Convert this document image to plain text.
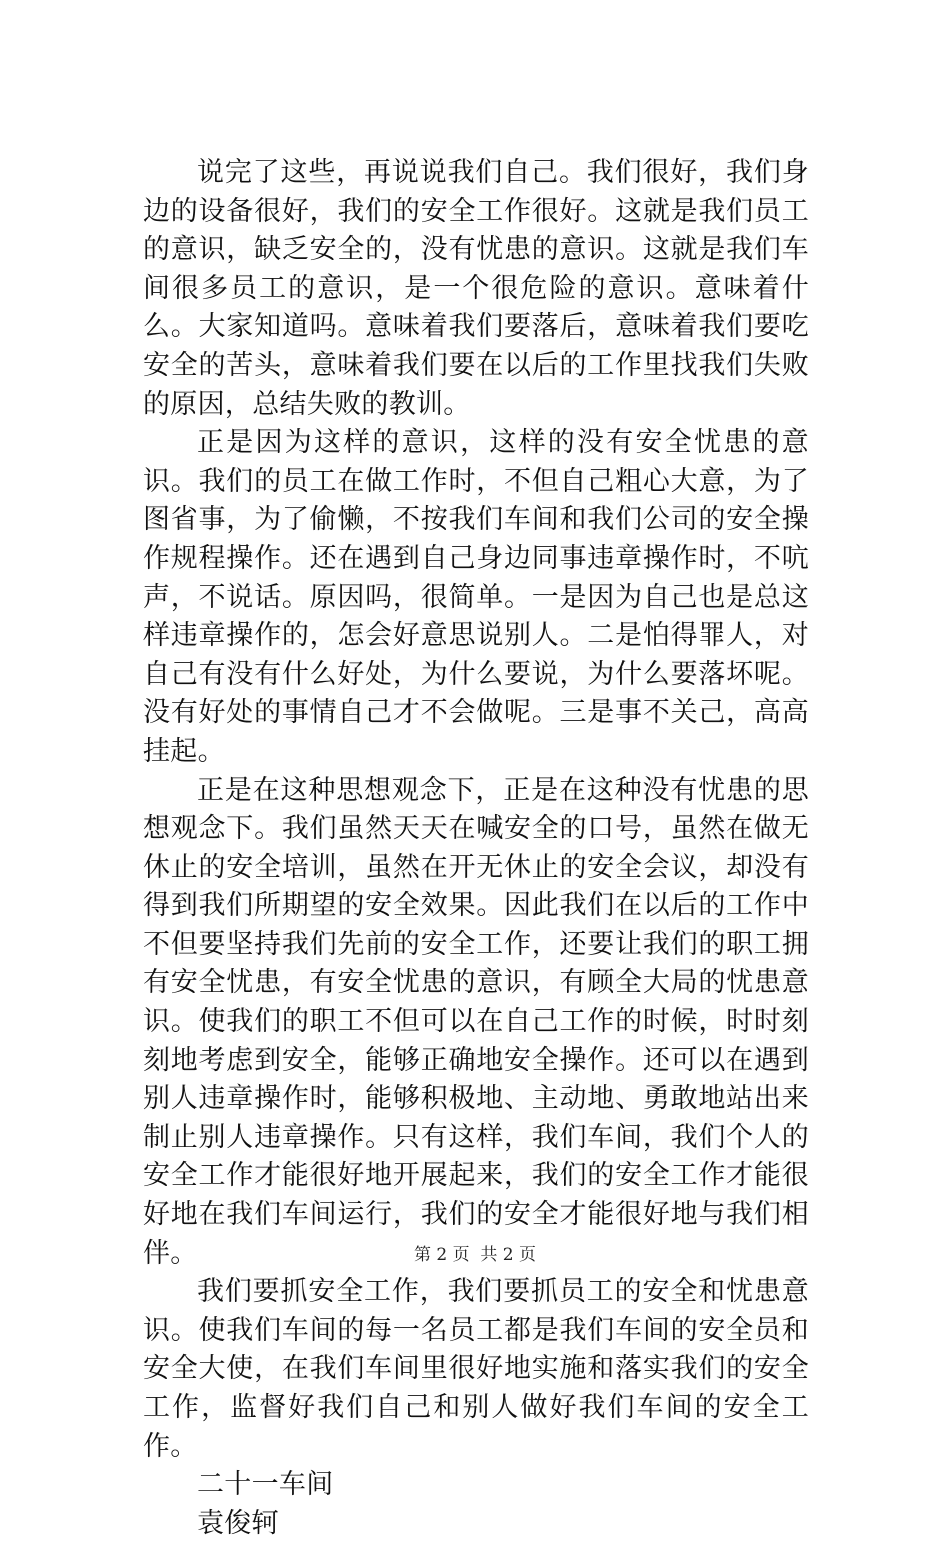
说完了这些，再说说我们自己。我们很好，我们身边的设备很好，我们的安全工作很好。这就是我们员工的意识，缺乏安全的，没有忧患的意识。这就是我们车间很多员工的意识，是一个很危险的意识。意味着什么。大家知道吗。意味着我们要落后，意味着我们要吃安全的苦头，意味着我们要在以后的工作里找我们失败的原因，总结失败的教训。

正是因为这样的意识，这样的没有安全忧患的意识。我们的员工在做工作时，不但自己粗心大意，为了图省事，为了偷懒，不按我们车间和我们公司的安全操作规程操作。还在遇到自己身边同事违章操作时，不吭声，不说话。原因吗，很简单。一是因为自己也是总这样违章操作的，怎会好意思说别人。二是怕得罪人，对自己有没有什么好处，为什么要说，为什么要落坏呢。没有好处的事情自己才不会做呢。三是事不关己，高高挂起。

正是在这种思想观念下，正是在这种没有忧患的思想观念下。我们虽然天天在喊安全的口号，虽然在做无休止的安全培训，虽然在开无休止的安全会议，却没有得到我们所期望的安全效果。因此我们在以后的工作中不但要坚持我们先前的安全工作，还要让我们的职工拥有安全忧患，有安全忧患的意识，有顾全大局的忧患意识。使我们的职工不但可以在自己工作的时候，时时刻刻地考虑到安全，能够正确地安全操作。还可以在遇到别人违章操作时，能够积极地、主动地、勇敢地站出来制止别人违章操作。只有这样，我们车间，我们个人的安全工作才能很好地开展起来，我们的安全工作才能很好地在我们车间运行，我们的安全才能很好地与我们相伴。

我们要抓安全工作，我们要抓员工的安全和忧患意识。使我们车间的每一名员工都是我们车间的安全员和安全大使，在我们车间里很好地实施和落实我们的安全工作，监督好我们自己和别人做好我们车间的安全工作。

二十一车间

袁俊轲

第 2 页  共 2 页
